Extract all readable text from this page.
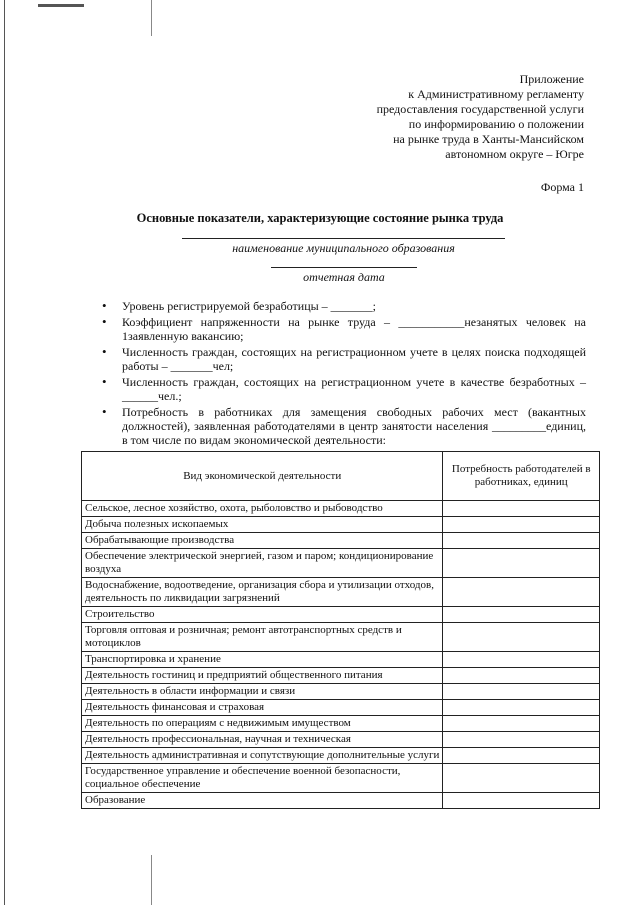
Приложение
к Административному регламенту
предоставления государственной услуги
по информированию о положении
на рынке труда в Ханты-Мансийском
автономном округе – Югре
Форма 1
Основные показатели, характеризующие состояние рынка труда
наименование муниципального образования
отчетная дата
• Уровень регистрируемой безработицы – _______;
• Коэффициент напряженности на рынке труда – ___________незанятых человек на 1заявленную вакансию;
• Численность граждан, состоящих на регистрационном учете в целях поиска подходящей работы – _______чел;
• Численность граждан, состоящих на регистрационном учете в качестве безработных – ______чел.;
• Потребность в работниках для замещения свободных рабочих мест (вакантных должностей), заявленная работодателями в центр занятости населения _________единиц, в том числе по видам экономической деятельности:
Вид экономической деятельности	Потребность работодателей в работниках, единиц
Сельское, лесное хозяйство, охота, рыболовство и рыбоводство	
Добыча полезных ископаемых	
Обрабатывающие производства	
Обеспечение электрической энергией, газом и паром; кондиционирование воздуха	
Водоснабжение, водоотведение, организация сбора и утилизации отходов, деятельность по ликвидации загрязнений	
Строительство	
Торговля оптовая и розничная; ремонт автотранспортных средств и мотоциклов	
Транспортировка и хранение	
Деятельность гостиниц и предприятий общественного питания	
Деятельность в области информации и связи	
Деятельность финансовая и страховая	
Деятельность по операциям с недвижимым имуществом	
Деятельность профессиональная, научная и техническая	
Деятельность административная и сопутствующие дополнительные услуги	
Государственное управление и обеспечение военной безопасности, социальное обеспечение	
Образование	
